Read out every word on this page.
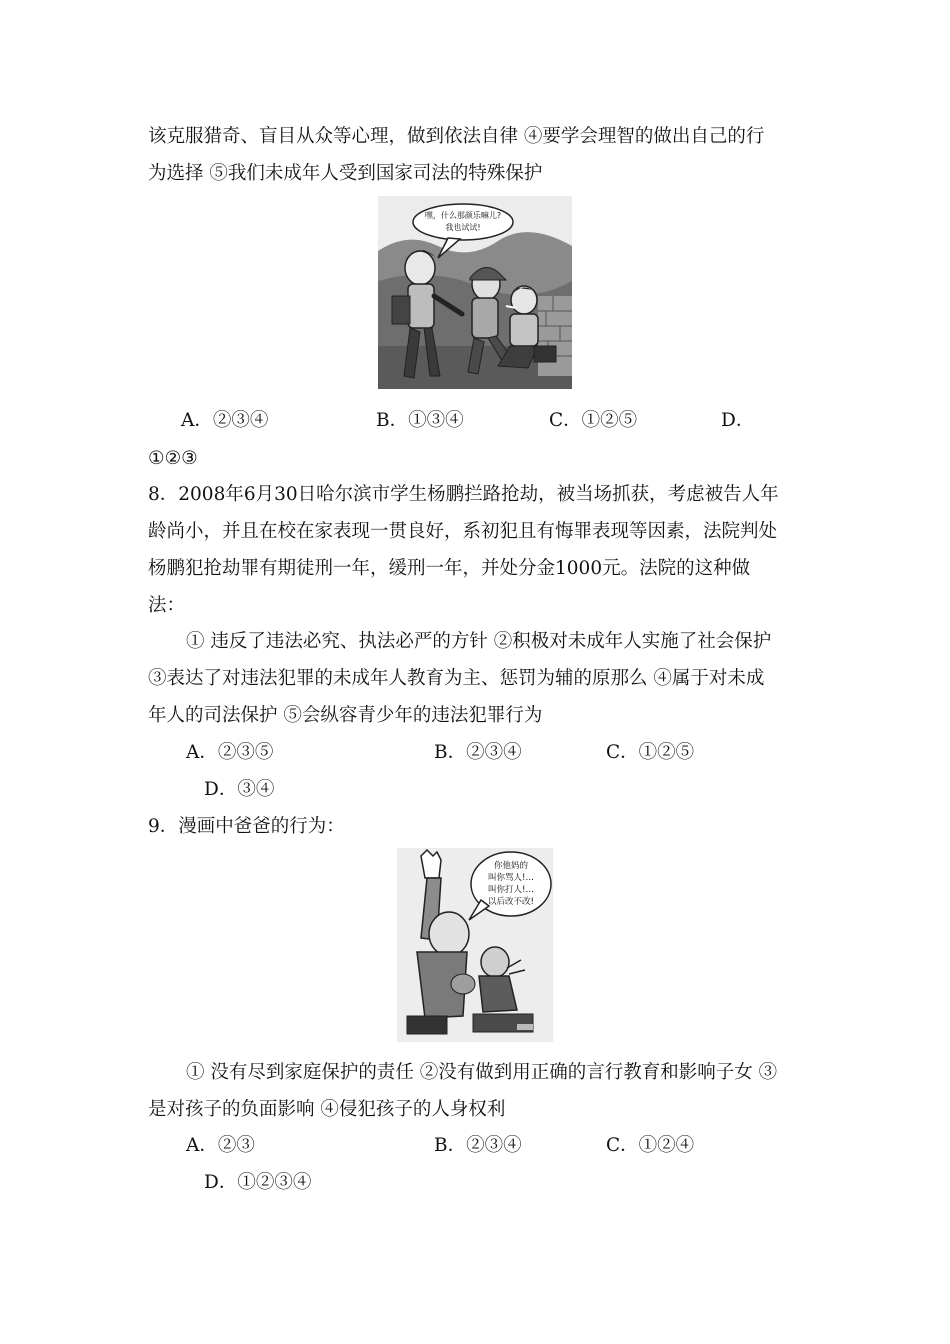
该克服猎奇、盲目从众等心理，做到依法自律 ④要学会理智的做出自己的行
为选择 ⑤我们未成年人受到国家司法的特殊保护
嘿，什么那颜乐嘛儿?
我也试试!
A．②③④	B．①③④	C．①②⑤	D．
①②③
8．2008年6月30日哈尔滨市学生杨鹏拦路抢劫，被当场抓获，考虑被告人年
龄尚小，并且在校在家表现一贯良好，系初犯且有悔罪表现等因素，法院判处
杨鹏犯抢劫罪有期徒刑一年，缓刑一年，并处分金1000元。法院的这种做
法：
① 违反了违法必究、执法必严的方针 ②积极对未成年人实施了社会保护
③表达了对违法犯罪的未成年人教育为主、惩罚为辅的原那么 ④属于对未成
年人的司法保护 ⑤会纵容青少年的违法犯罪行为
A．②③⑤	B．②③④	C．①②⑤
D．③④
9．漫画中爸爸的行为：
你他妈的
叫你骂人!…
叫你打人!…
以后改不改!
① 没有尽到家庭保护的责任 ②没有做到用正确的言行教育和影响子女 ③
是对孩子的负面影响 ④侵犯孩子的人身权利
A．②③	B．②③④	C．①②④
D．①②③④
